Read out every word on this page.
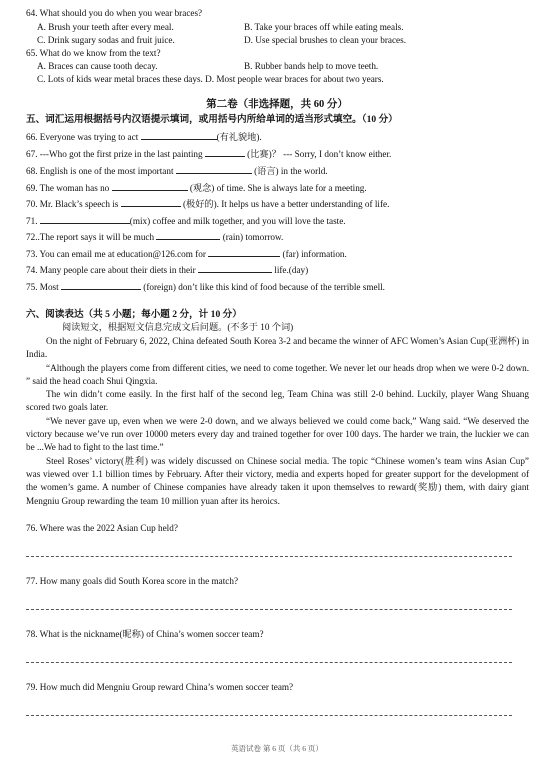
64. What should you do when you wear braces?
A. Brush your teeth after every meal.	B. Take your braces off while eating meals.
C. Drink sugary sodas and fruit juice.	D. Use special brushes to clean your braces.
65. What do we know from the text?
A. Braces can cause tooth decay.	B. Rubber bands help to move teeth.
C. Lots of kids wear metal braces these days. D. Most people wear braces for about two years.
第二卷（非选择题，共 60 分）
五、词汇运用根据括号内汉语提示填词，或用括号内所给单词的适当形式填空。（10 分）
66. Everyone was trying to act	(有礼貌地).
67. ---Who got the first prize in the last painting	(比赛)？ --- Sorry, I don’t know either.
68. English is one of the most important	(语言) in the world.
69. The woman has no	(观念) of time. She is always late for a meeting.
70. Mr. Black’s speech is	(极好的). It helps us have a better understanding of life.
71.	(mix) coffee and milk together, and you will love the taste.
72..The report says it will be much	(rain) tomorrow.
73. You can email me at education@126.com for	(far) information.
74. Many people care about their diets in their	life.(day)
75. Most	(foreign) don’t like this kind of food because of the terrible smell.
六、阅读表达（共 5 小题；每小题 2 分，计 10 分）
阅读短文，根据短文信息完成文后问题。(不多于 10 个词)
On the night of February 6, 2022, China defeated South Korea 3-2 and became the winner of AFC Women’s Asian Cup(亚洲杯) in India.
“Although the players come from different cities, we need to come together. We never let our heads drop when we were 0-2 down. ” said the head coach Shui Qingxia.
The win didn’t come easily. In the first half of the second leg, Team China was still 2-0 behind. Luckily, player Wang Shuang scored two goals later.
“We never gave up, even when we were 2-0 down, and we always believed we could come back,” Wang said. “We deserved the victory because we’ve run over 10000 meters every day and trained together for over 100 days. The harder we train, the luckier we can be ...We had to fight to the last time.”
Steel Roses’ victory(胜利) was widely discussed on Chinese social media. The topic “Chinese women’s team wins Asian Cup” was viewed over 1.1 billion times by February. After their victory, media and experts hoped for greater support for the development of the women’s game. A number of Chinese companies have already taken it upon themselves to reward(奖励) them, with dairy giant Mengniu Group rewarding the team 10 million yuan after its heroics.
76. Where was the 2022 Asian Cup held?
77. How many goals did South Korea score in the match?
78. What is the nickname(昵称) of China’s women soccer team?
79. How much did Mengniu Group reward China’s women soccer team?
英语试卷 第 6 页（共 6 页）
